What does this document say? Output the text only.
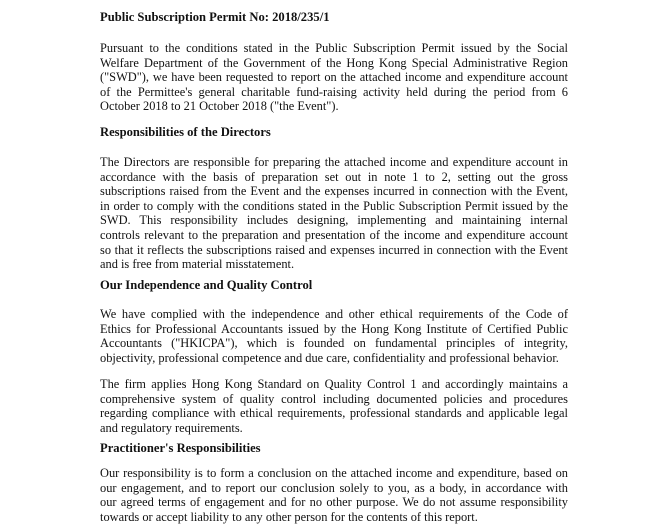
Public Subscription Permit No: 2018/235/1

Pursuant to the conditions stated in the Public Subscription Permit issued by the Social
Welfare Department of the Government of the Hong Kong Special Administrative Region
("SWD"), we have been requested to report on the attached income and expenditure account
of the Permittee's general charitable fund-raising activity held during the period from 6
October 2018 to 21 October 2018 ("the Event").

Responsibilities of the Directors

The Directors are responsible for preparing the attached income and expenditure account in
accordance with the basis of preparation set out in note 1 to 2, setting out the gross
subscriptions raised from the Event and the expenses incurred in connection with the Event,
in order to comply with the conditions stated in the Public Subscription Permit issued by the
SWD. This responsibility includes designing, implementing and maintaining internal
controls relevant to the preparation and presentation of the income and expenditure account
so that it reflects the subscriptions raised and expenses incurred in connection with the Event
and is free from material misstatement.

Our Independence and Quality Control

We have complied with the independence and other ethical requirements of the Code of
Ethics for Professional Accountants issued by the Hong Kong Institute of Certified Public
Accountants ("HKICPA"), which is founded on fundamental principles of integrity,
objectivity, professional competence and due care, confidentiality and professional behavior.
The firm applies Hong Kong Standard on Quality Control 1 and accordingly maintains a
comprehensive system of quality control including documented policies and procedures
regarding compliance with ethical requirements, professional standards and applicable legal
and regulatory requirements.

Practitioner's Responsibilities

Our responsibility is to form a conclusion on the attached income and expenditure, based on
our engagement, and to report our conclusion solely to you, as a body, in accordance with
our agreed terms of engagement and for no other purpose. We do not assume responsibility
towards or accept liability to any other person for the contents of this report.
